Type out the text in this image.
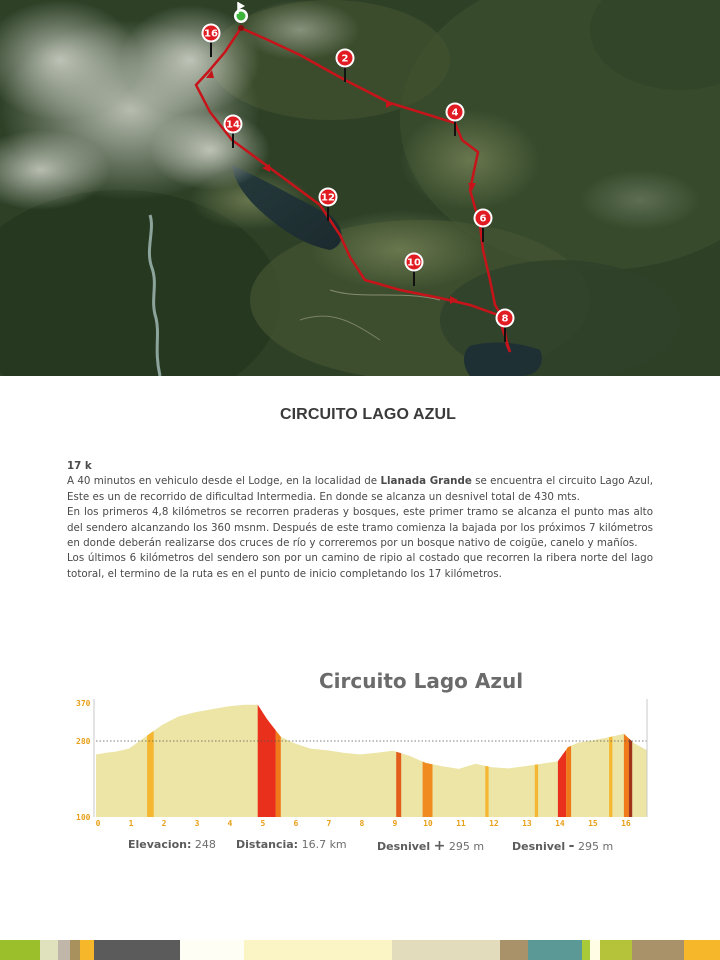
2
4
6
8
10
12
14
16
CIRCUITO LAGO AZUL

17 k

A 40 minutos en vehiculo desde el Lodge, en la localidad de Llanada Grande se encuentra el circuito Lago Azul, Este es un de recorrido de dificultad Intermedia. En donde se alcanza un desnivel total de 430 mts.

En los primeros 4,8 kilómetros se recorren praderas y bosques, este primer tramo se alcanza el punto mas alto del sendero alcanzando los 360 msnm. Después de este tramo comienza la bajada por los próximos 7 kilómetros en donde deberán realizarse dos cruces de río y correremos por un bosque nativo de coigüe, canelo y mañíos.

Los últimos 6 kilómetros del sendero son por un camino de ripio al costado que recorren la ribera norte del lago totoral, el termino de la ruta es en el punto de inicio completando los 17 kilómetros.

Circuito Lago Azul
370
280
100
0	1	2	3	4	5	6	7	8	9	10	11	12	13	14	15	16
Elevacion: 248 Distancia: 16.7 km	Desnivel + 295 m	Desnivel - 295 m
